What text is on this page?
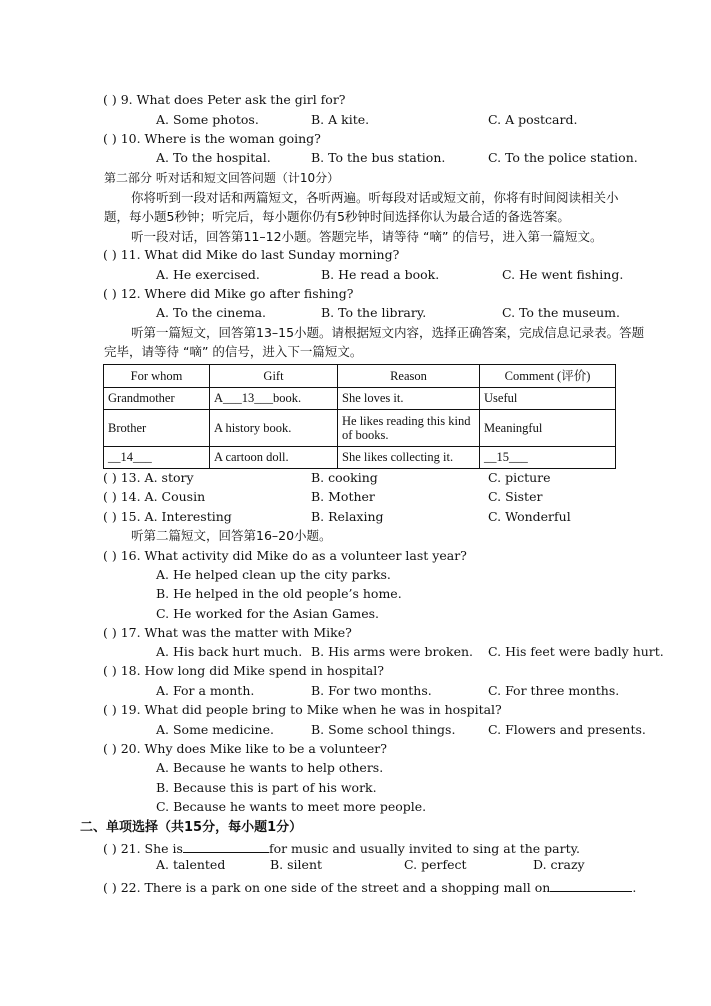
( ) 9. What does Peter ask the girl for?
A. Some photos.	B. A kite.	C. A postcard.
( ) 10. Where is the woman going?
A. To the hospital.	B. To the bus station.	C. To the police station.
第二部分 听对话和短文回答问题（计10分）
你将听到一段对话和两篇短文，各听两遍。听每段对话或短文前，你将有时间阅读相关小
题，每小题5秒钟；听完后，每小题你仍有5秒钟时间选择你认为最合适的备选答案。
听一段对话，回答第11–12小题。答题完毕，请等待 “嘀” 的信号，进入第一篇短文。
( ) 11. What did Mike do last Sunday morning?
A. He exercised.	B. He read a book.	C. He went fishing.
( ) 12. Where did Mike go after fishing?
A. To the cinema.	B. To the library.	C. To the museum.
听第一篇短文，回答第13–15小题。请根据短文内容，选择正确答案，完成信息记录表。答题
完毕，请等待 “嘀” 的信号，进入下一篇短文。
For whom	Gift	Reason	Comment (评价)
Grandmother	A___13___book.	She loves it.	Useful
Brother	A history book.	He likes reading this kind of books.	Meaningful
__14___	A cartoon doll.	She likes collecting it.	__15___
( ) 13. A. story	B. cooking	C. picture
( ) 14. A. Cousin	B. Mother	C. Sister
( ) 15. A. Interesting	B. Relaxing	C. Wonderful
听第二篇短文，回答第16–20小题。
( ) 16. What activity did Mike do as a volunteer last year?
A. He helped clean up the city parks.
B. He helped in the old people’s home.
C. He worked for the Asian Games.
( ) 17. What was the matter with Mike?
A. His back hurt much. B. His arms were broken. C. His feet were badly hurt.
( ) 18. How long did Mike spend in hospital?
A. For a month.	B. For two months.	C. For three months.
( ) 19. What did people bring to Mike when he was in hospital?
A. Some medicine.	B. Some school things.	C. Flowers and presents.
( ) 20. Why does Mike like to be a volunteer?
A. Because he wants to help others.
B. Because this is part of his work.
C. Because he wants to meet more people.
二、单项选择（共15分，每小题1分）
( ) 21. She is	for music and usually invited to sing at the party.
A. talented	B. silent	C. perfect	D. crazy
( ) 22. There is a park on one side of the street and a shopping mall on	.
